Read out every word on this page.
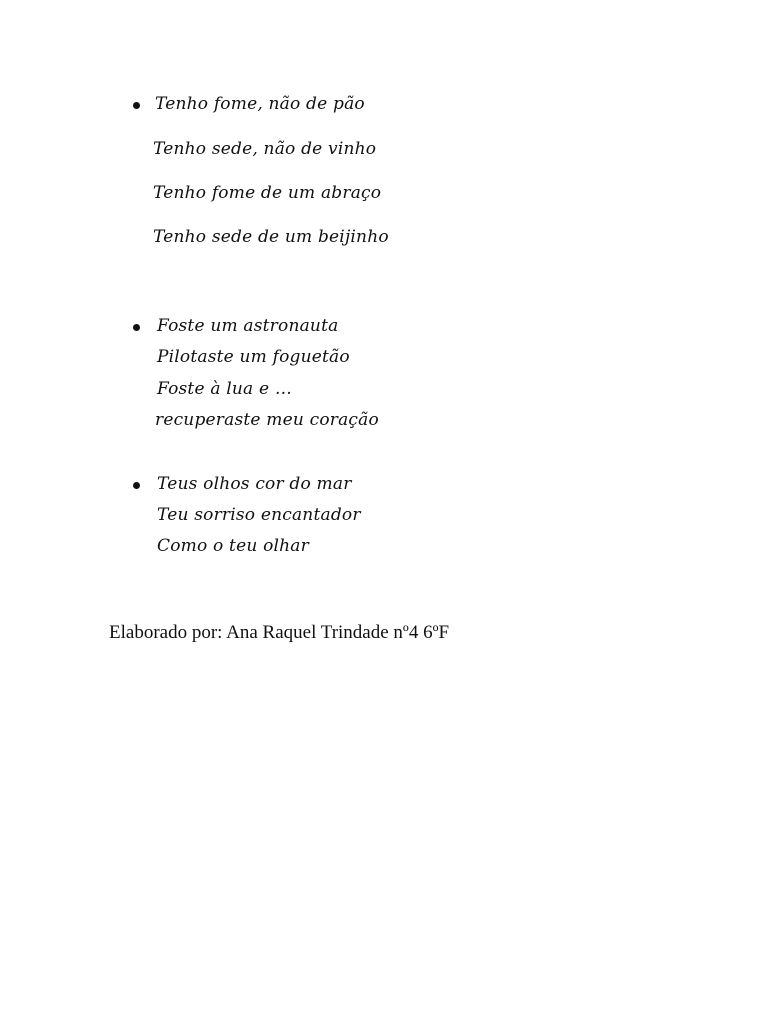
Tenho fome, não de pão
Tenho sede, não de vinho
Tenho fome de um abraço
Tenho sede de um beijinho
Foste um astronauta
Pilotaste um foguetão
Foste à lua e …
recuperaste meu coração
Teus olhos cor do mar
Teu sorriso encantador
Como o teu olhar
Elaborado por: Ana Raquel Trindade nº4 6ºF
